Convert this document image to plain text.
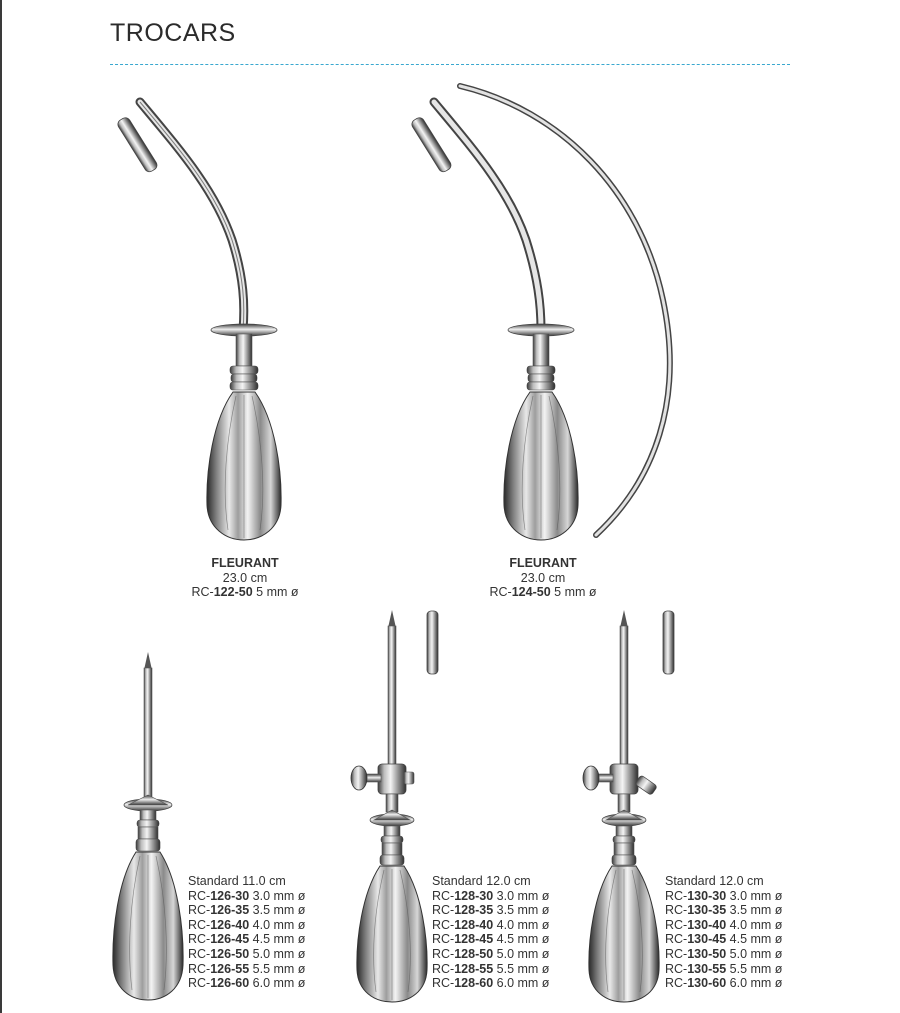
TROCARS
FLEURANT
23.0 cm
RC-122-50 5 mm ø
FLEURANT
23.0 cm
RC-124-50 5 mm ø
Standard 11.0 cm
RC-126-30 3.0 mm ø
RC-126-35 3.5 mm ø
RC-126-40 4.0 mm ø
RC-126-45 4.5 mm ø
RC-126-50 5.0 mm ø
RC-126-55 5.5 mm ø
RC-126-60 6.0 mm ø
Standard 12.0 cm
RC-128-30 3.0 mm ø
RC-128-35 3.5 mm ø
RC-128-40 4.0 mm ø
RC-128-45 4.5 mm ø
RC-128-50 5.0 mm ø
RC-128-55 5.5 mm ø
RC-128-60 6.0 mm ø
Standard 12.0 cm
RC-130-30 3.0 mm ø
RC-130-35 3.5 mm ø
RC-130-40 4.0 mm ø
RC-130-45 4.5 mm ø
RC-130-50 5.0 mm ø
RC-130-55 5.5 mm ø
RC-130-60 6.0 mm ø
